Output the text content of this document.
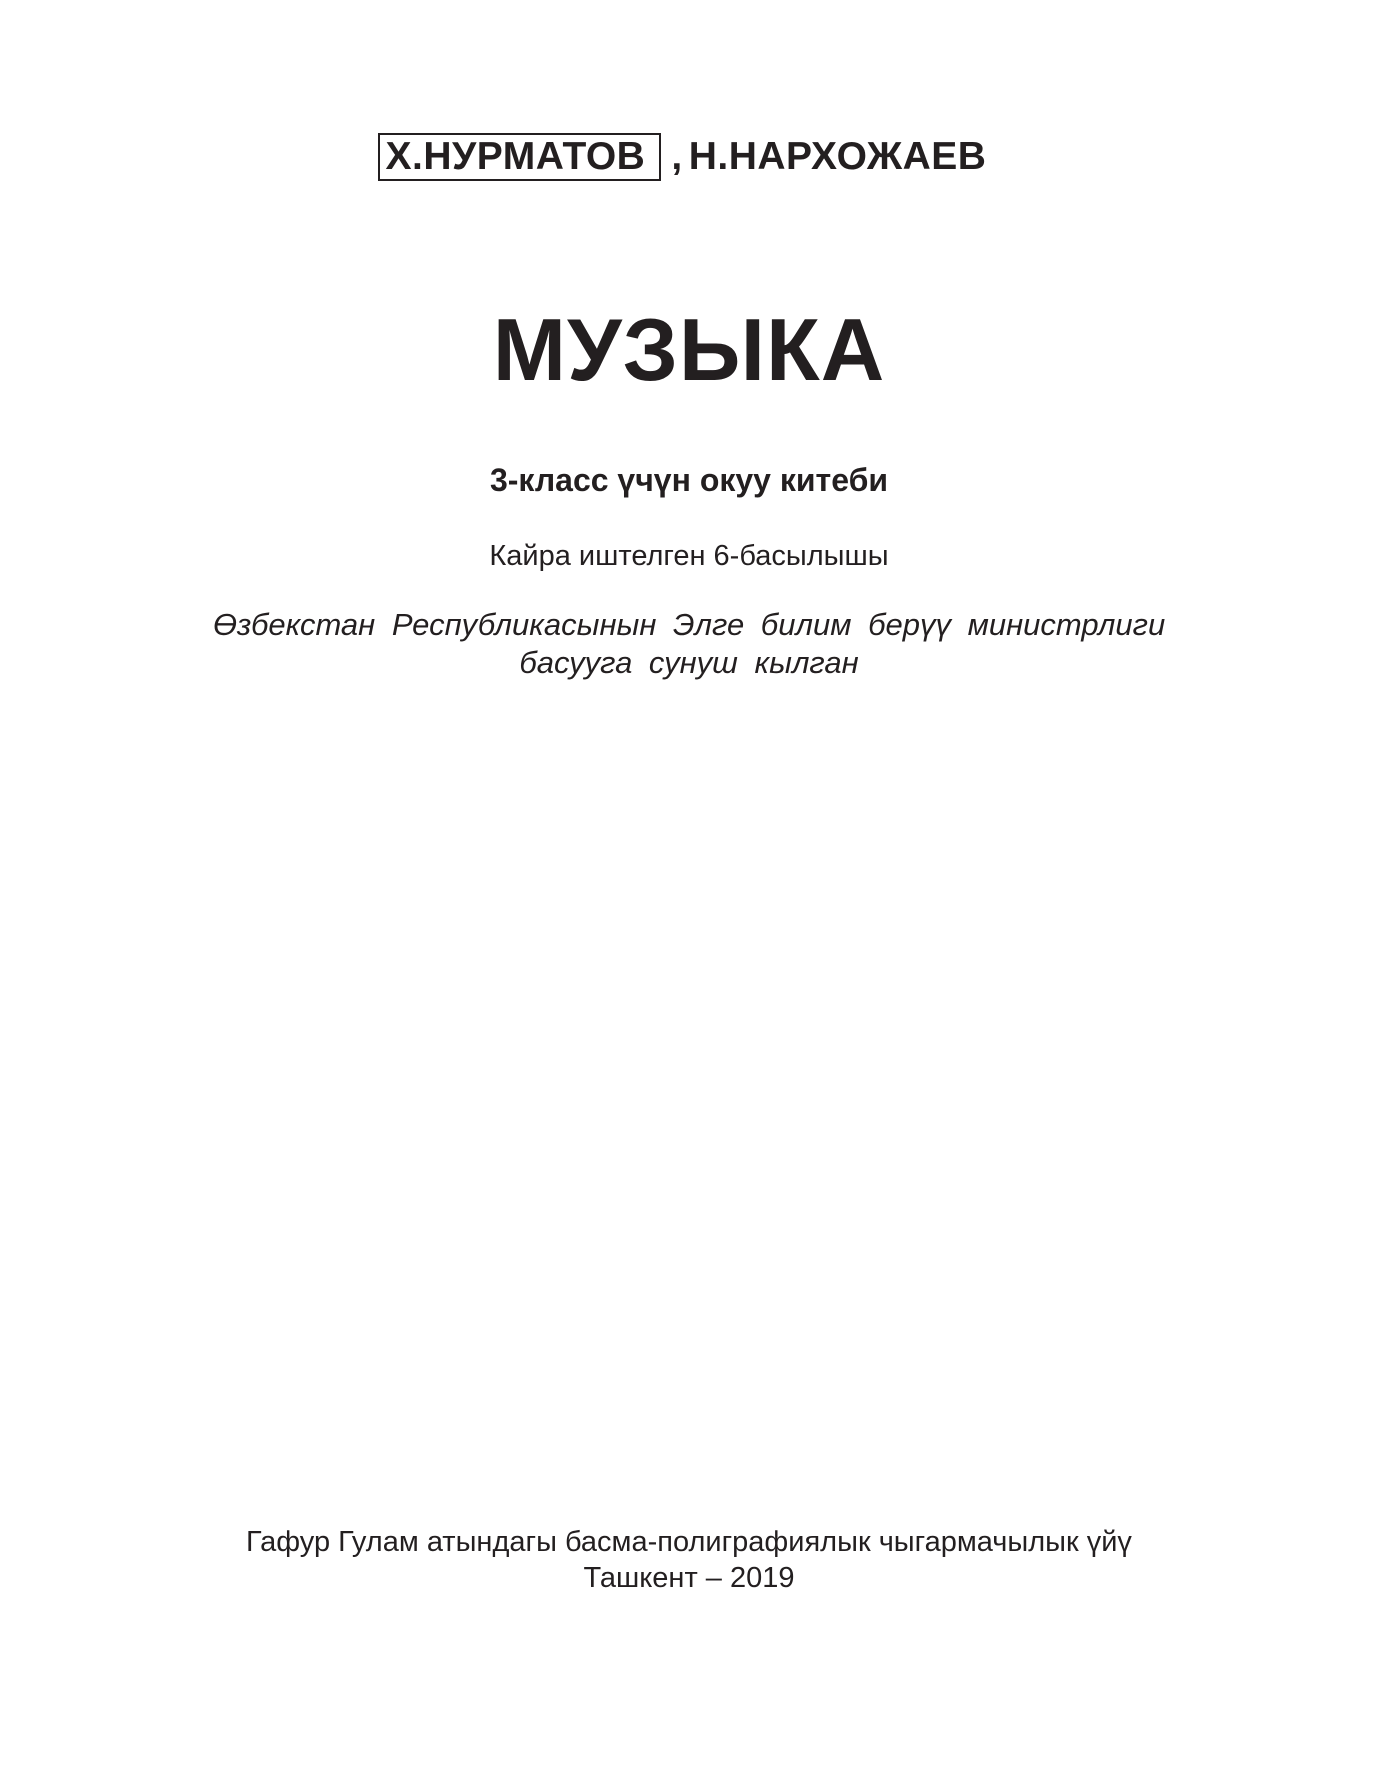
Х.НУРМАТОВ , Н.НАРХОЖАЕВ
МУЗЫКА
3-класс үчүн окуу китеби
Кайра иштелген 6-басылышы
Өзбекстан Республикасынын Элге билим берүү министрлиги
басууга сунуш кылган
Гафур Гулам атындагы басма-полиграфиялык чыгармачылык үйү
Ташкент – 2019
